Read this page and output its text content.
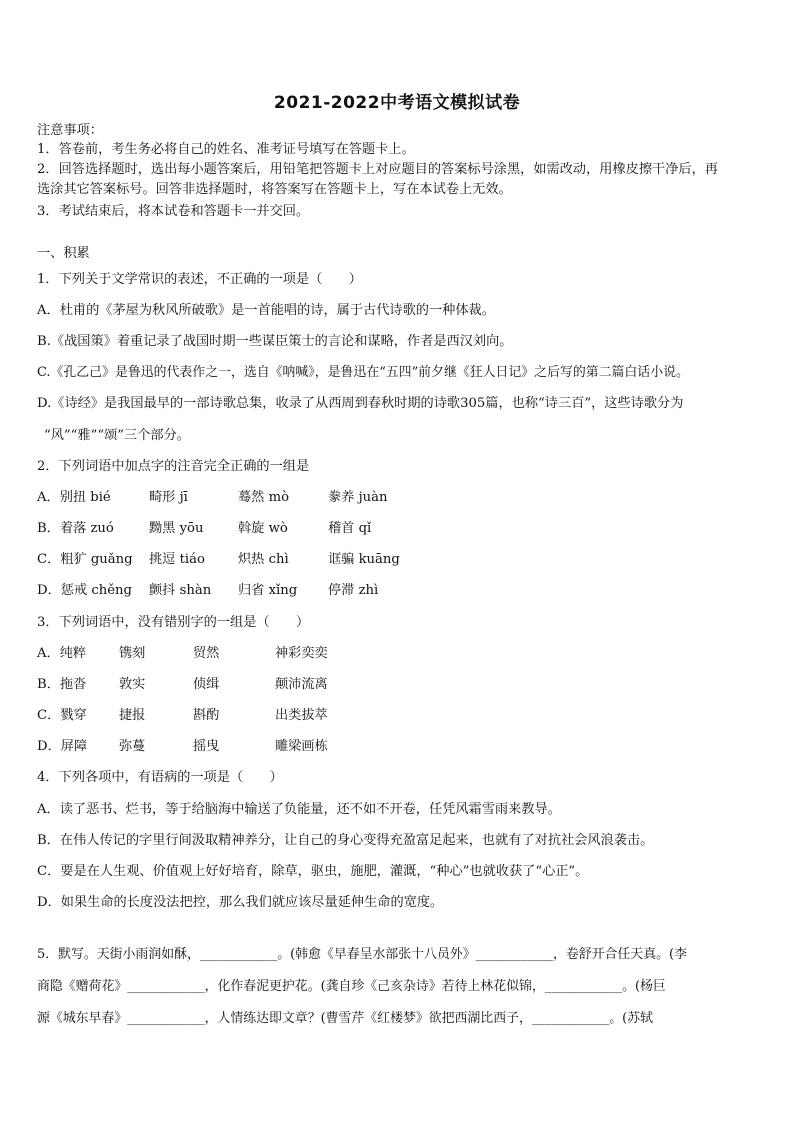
2021-2022中考语文模拟试卷
注意事项：
1．答卷前，考生务必将自己的姓名、准考证号填写在答题卡上。
2．回答选择题时，选出每小题答案后，用铅笔把答题卡上对应题目的答案标号涂黑，如需改动，用橡皮擦干净后，再
选涂其它答案标号。回答非选择题时，将答案写在答题卡上，写在本试卷上无效。
3．考试结束后，将本试卷和答题卡一并交回。
一、积累
1．下列关于文学常识的表述，不正确的一项是（　　）
A．杜甫的《茅屋为秋风所破歌》是一首能唱的诗，属于古代诗歌的一种体裁。
B.《战国策》着重记录了战国时期一些谋臣策士的言论和谋略，作者是西汉刘向。
C.《孔乙己》是鲁迅的代表作之一，选自《呐喊》，是鲁迅在“五四”前夕继《狂人日记》之后写的第二篇白话小说。
D.《诗经》是我国最早的一部诗歌总集，收录了从西周到春秋时期的诗歌305篇，也称“诗三百”，这些诗歌分为
“风”“雅”“颂”三个部分。
2．下列词语中加点字的注音完全正确的一组是
A．别扭 bié	畸形 jī	蓦然 mò	豢养 juàn
B．着落 zuó	黝黑 yōu	斡旋 wò	稽首 qǐ
C．粗犷 guǎng 挑逗 tiáo	炽热 chì	诓骗 kuāng
D．惩戒 chěng 颤抖 shàn 归省 xǐng 停滞 zhì
3．下列词语中，没有错别字的一组是（　　）
A．纯粹 镌刻	贸然	神彩奕奕
B．拖沓 敦实	侦缉	颠沛流离
C．戮穿 捷报	斟酌	出类拔萃
D．屏障 弥蔓	摇曳	雕梁画栋
4．下列各项中，有语病的一项是（　　）
A．读了恶书、烂书，等于给脑海中输送了负能量，还不如不开卷，任凭风霜雪雨来教导。
B．在伟人传记的字里行间汲取精神养分，让自己的身心变得充盈富足起来，也就有了对抗社会风浪袭击。
C．要是在人生观、价值观上好好培育，除草，驱虫，施肥，灌溉，“种心”也就收获了“心正”。
D．如果生命的长度没法把控，那么我们就应该尽量延伸生命的宽度。
5．默写。天街小雨润如酥，____________。(韩愈《早春呈水部张十八员外》____________，卷舒开合任天真。(李
商隐《赠荷花》____________，化作春泥更护花。(龚自珍《己亥杂诗》若待上林花似锦，____________。(杨巨
源《城东早春》____________，人情练达即文章？(曹雪芹《红楼梦》欲把西湖比西子，____________。(苏轼
